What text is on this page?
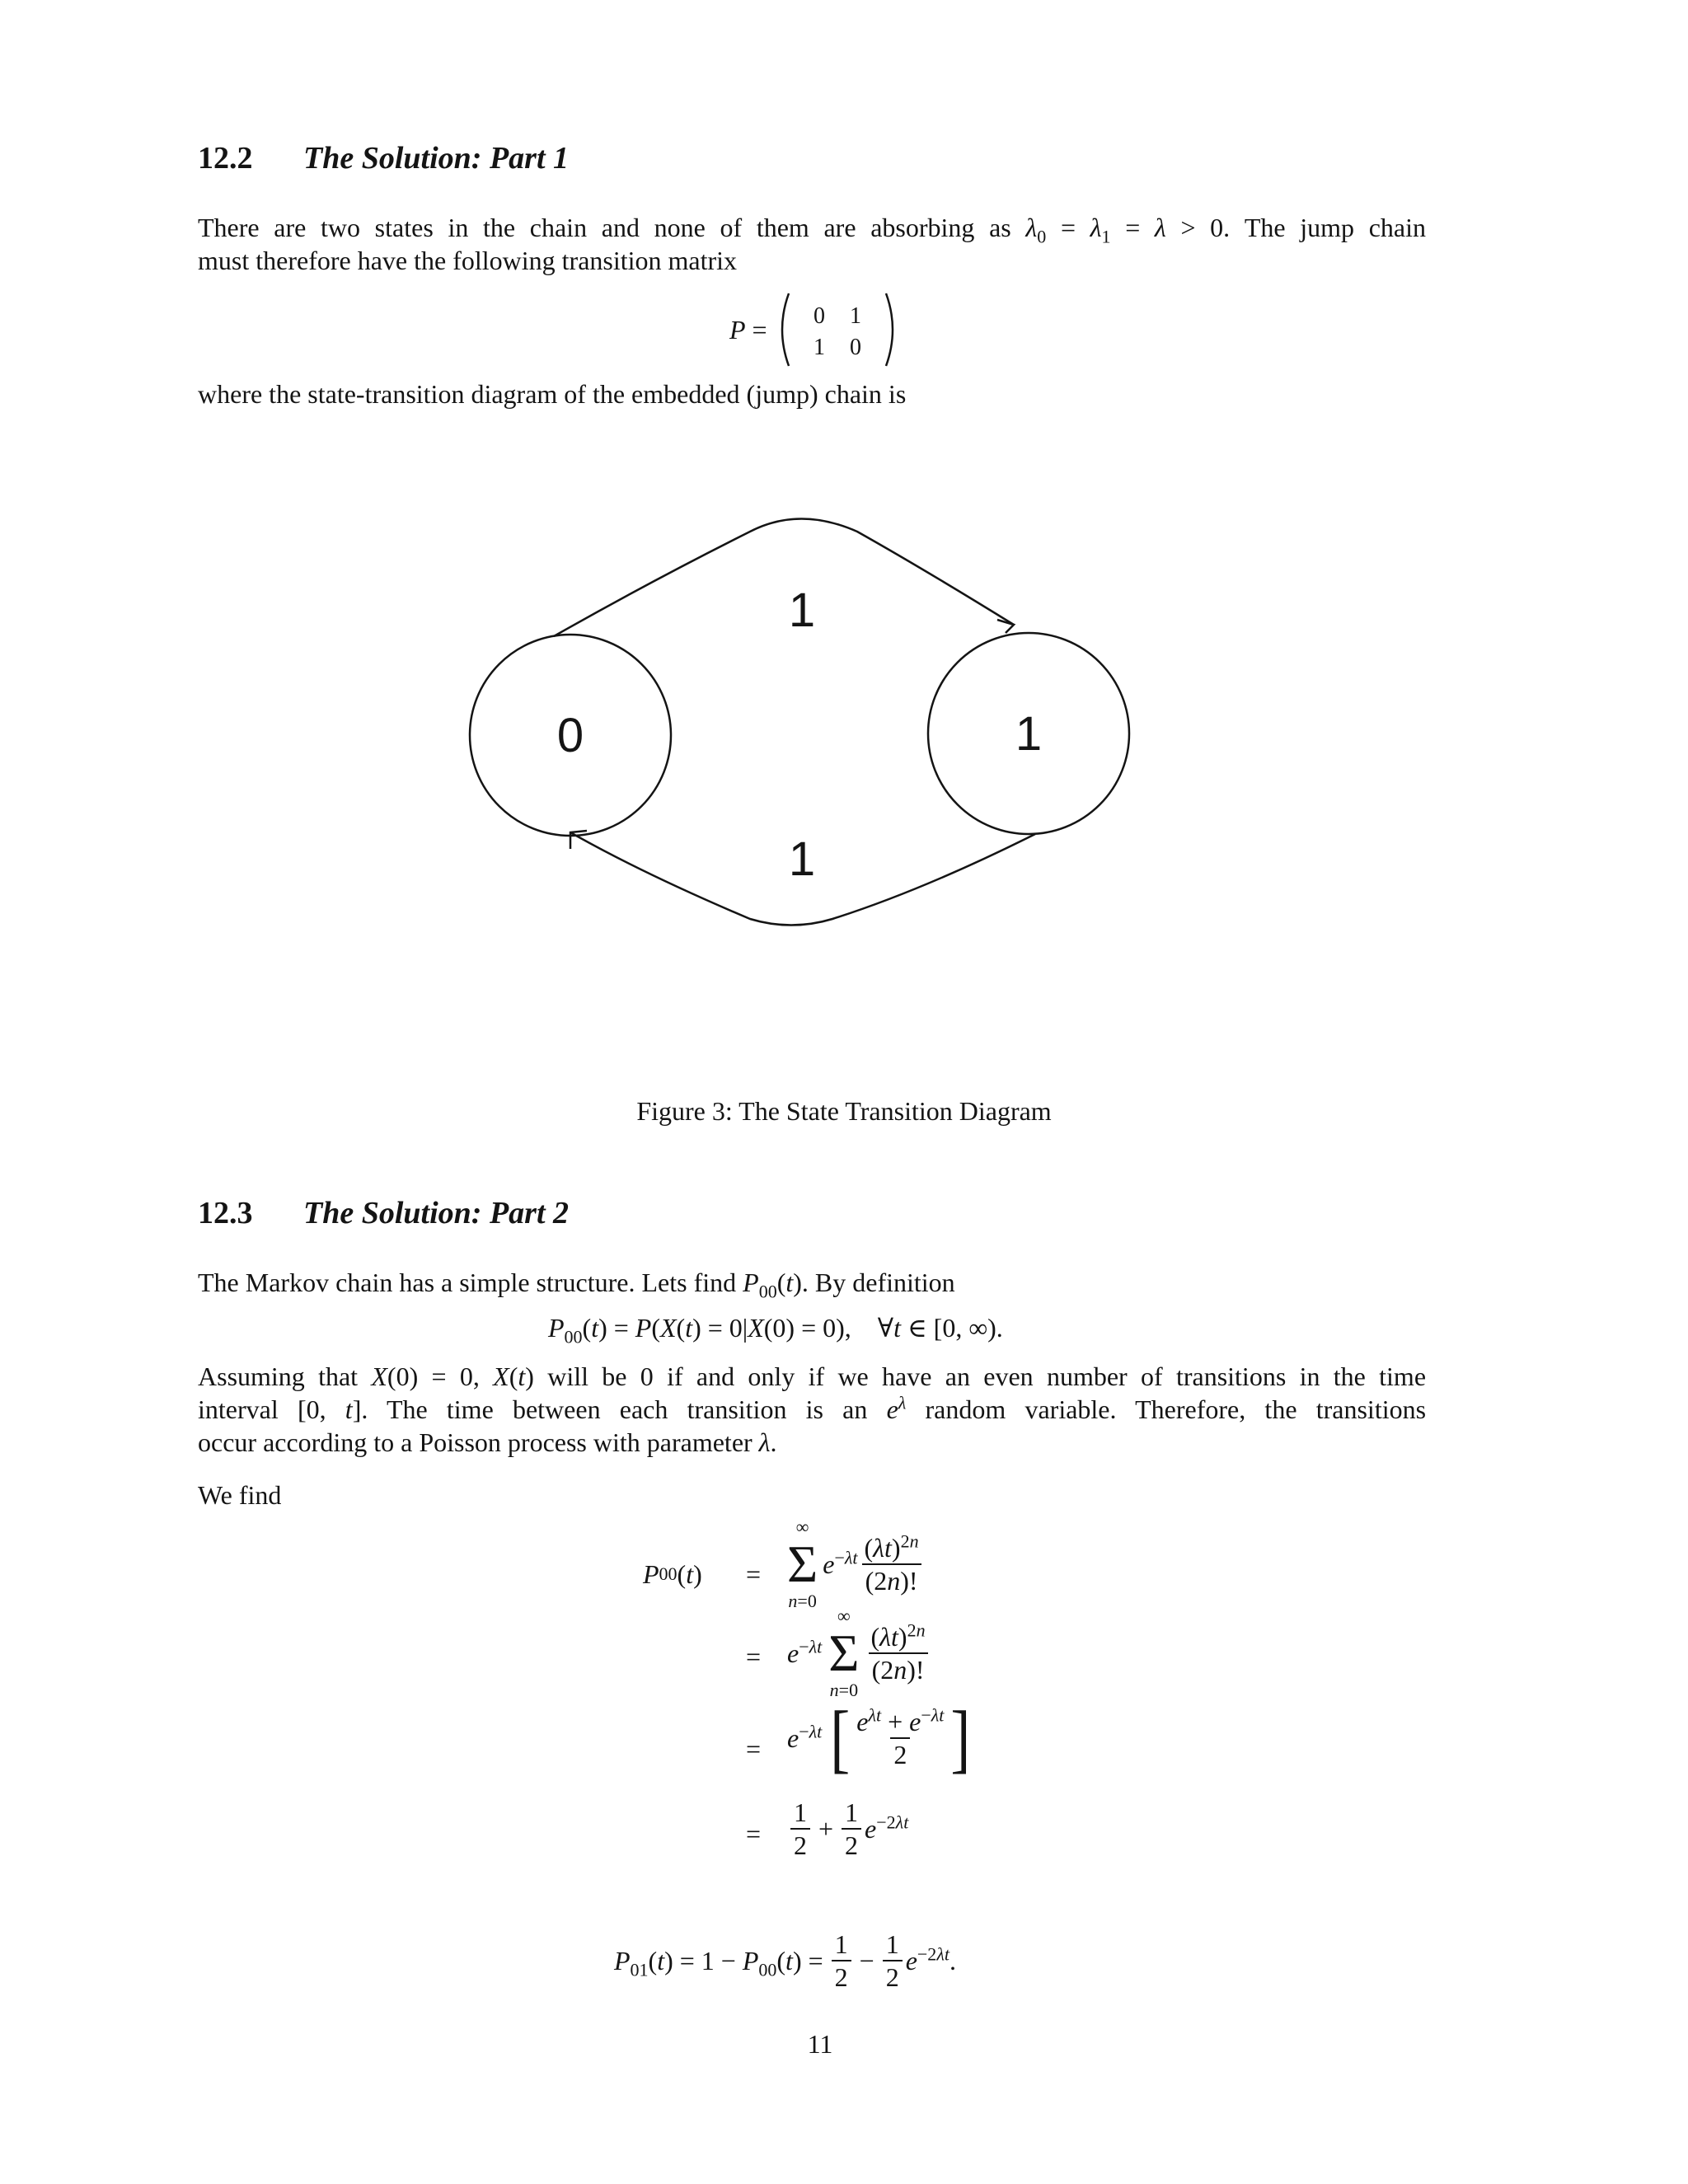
12.2 The Solution: Part 1
There are two states in the chain and none of them are absorbing as $\lambda_0 = \lambda_1 = \lambda > 0$. The jump chain
must therefore have the following transition matrix
P = 0 1
1 0
where the state-transition diagram of the embedded (jump) chain is
0	1
1
1
Figure 3: The State Transition Diagram
12.3 The Solution: Part 2
The Markov chain has a simple structure. Lets find $P_{00}(t)$. By definition
$P_{00}(t) = P(X(t) = 0|X(0) = 0)$,    ∀t ∈ [0, ∞).
Assuming that X(0) = 0, X(t) will be 0 if and only if we have an even number of transitions in the time
interval [0, t]. The time between each transition is an $e^\lambda$ random variable. Therefore, the transitions
occur according to a Poisson process with parameter λ.
We find
P 00 ( t ) =
∞
Σ
n=0
$e^{-\lambda t} \frac{(\lambda t)^{2n}}{(2n)!}$
= $e^{-\lambda t}$
∞
Σ
n=0
$\frac{(\lambda t)^{2n}}{(2n)!}$
= $e^{-\lambda t}$ [ $\frac{e^{\lambda t} + e^{-\lambda t}}{2}$ ]
= $\frac{1}{2} + \frac{1}{2} e^{-2\lambda t}$
$P_{01}(t) = 1 - P_{00}(t) = \frac{1}{2} - \frac{1}{2} e^{-2\lambda t}$.
11
